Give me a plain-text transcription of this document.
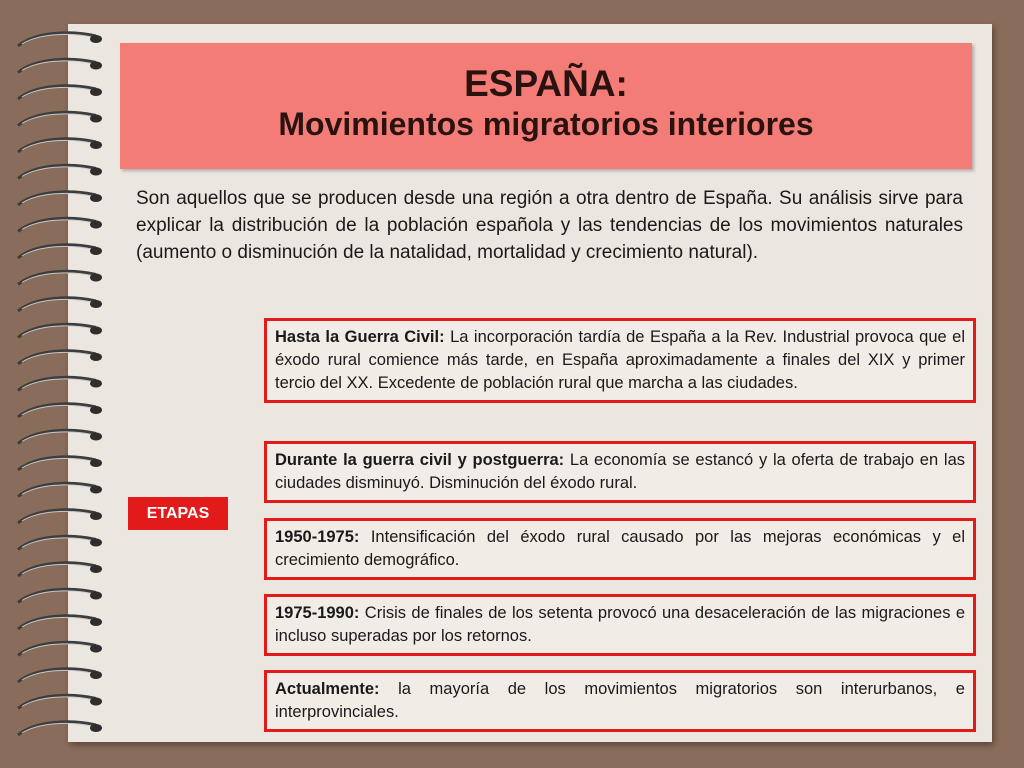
ESPAÑA:
Movimientos migratorios interiores
Son aquellos que se producen desde una región a otra dentro de España. Su análisis sirve para explicar la distribución de la población española y las tendencias de los movimientos naturales (aumento o disminución de la natalidad, mortalidad y crecimiento natural).
Hasta la Guerra Civil: La incorporación tardía de España a la Rev. Industrial provoca que el éxodo rural comience más tarde, en España aproximadamente a finales del XIX y primer tercio del XX. Excedente de población rural que marcha a las ciudades.
Durante la guerra civil y postguerra: La economía se estancó y la oferta de trabajo en las ciudades disminuyó. Disminución del éxodo rural.
ETAPAS
1950-1975: Intensificación del éxodo rural causado por las mejoras económicas y el crecimiento demográfico.
1975-1990: Crisis de finales de los setenta provocó una desaceleración de las migraciones e incluso superadas por los retornos.
Actualmente: la mayoría de los movimientos migratorios son interurbanos, e interprovinciales.
